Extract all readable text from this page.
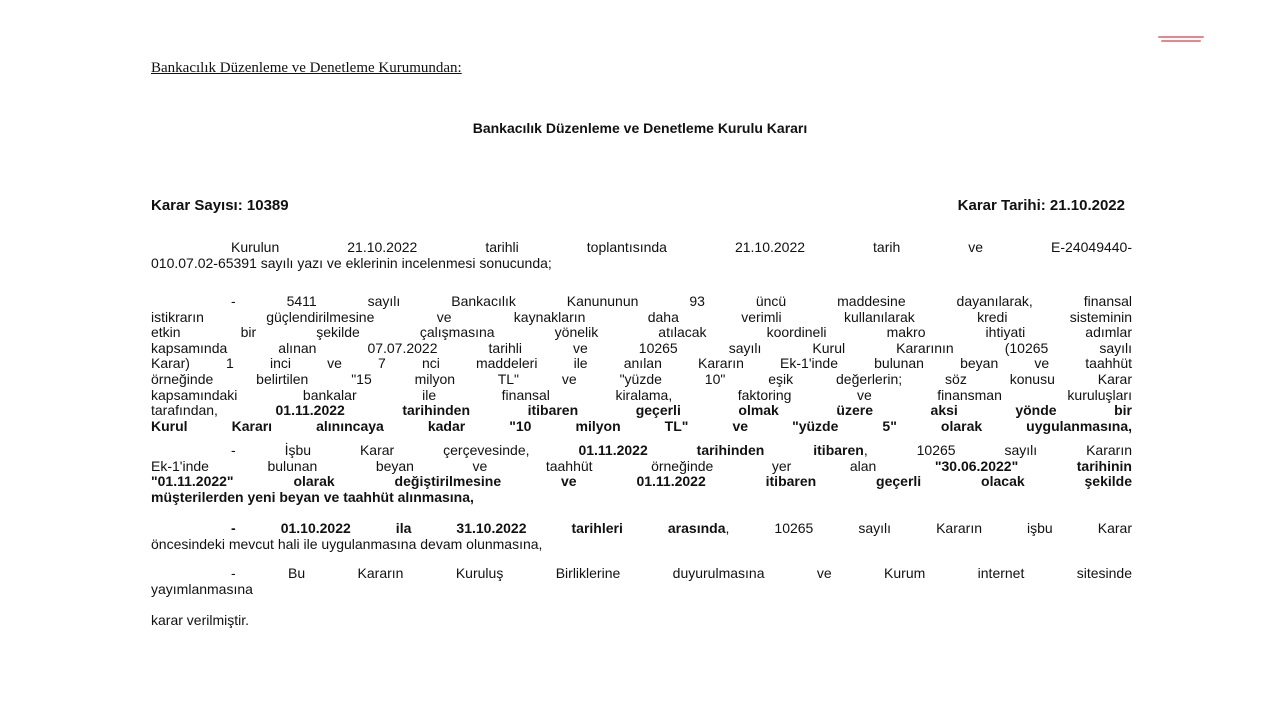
Bankacılık Düzenleme ve Denetleme Kurumundan:
Bankacılık Düzenleme ve Denetleme Kurulu Kararı
Karar Sayısı: 10389	Karar Tarihi: 21.10.2022
Kurulun 21.10.2022 tarihli toplantısında 21.10.2022 tarih ve E-24049440-
010.07.02-65391 sayılı yazı ve eklerinin incelenmesi sonucunda;
- 5411 sayılı Bankacılık Kanununun 93 üncü maddesine dayanılarak, finansal
istikrarın güçlendirilmesine ve kaynakların daha verimli kullanılarak kredi sisteminin
etkin bir şekilde çalışmasına yönelik atılacak koordineli makro ihtiyati adımlar
kapsamında alınan 07.07.2022 tarihli ve 10265 sayılı Kurul Kararının (10265 sayılı
Karar) 1 inci ve 7 nci maddeleri ile anılan Kararın Ek-1'inde bulunan beyan ve taahhüt
örneğinde belirtilen "15 milyon TL" ve "yüzde 10" eşik değerlerin; söz konusu Karar
kapsamındaki bankalar ile finansal kiralama, faktoring ve finansman kuruluşları
tarafından, 01.11.2022 tarihinden itibaren geçerli olmak üzere aksi yönde bir
Kurul Kararı alınıncaya kadar "10 milyon TL" ve "yüzde 5" olarak uygulanmasına,
- İşbu Karar çerçevesinde, 01.11.2022 tarihinden itibaren, 10265 sayılı Kararın
Ek-1'inde bulunan beyan ve taahhüt örneğinde yer alan "30.06.2022" tarihinin
"01.11.2022" olarak değiştirilmesine ve 01.11.2022 itibaren geçerli olacak şekilde
müşterilerden yeni beyan ve taahhüt alınmasına,
- 01.10.2022 ila 31.10.2022 tarihleri arasında, 10265 sayılı Kararın işbu Karar
öncesindeki mevcut hali ile uygulanmasına devam olunmasına,
- Bu Kararın Kuruluş Birliklerine duyurulmasına ve Kurum internet sitesinde
yayımlanmasına
karar verilmiştir.
